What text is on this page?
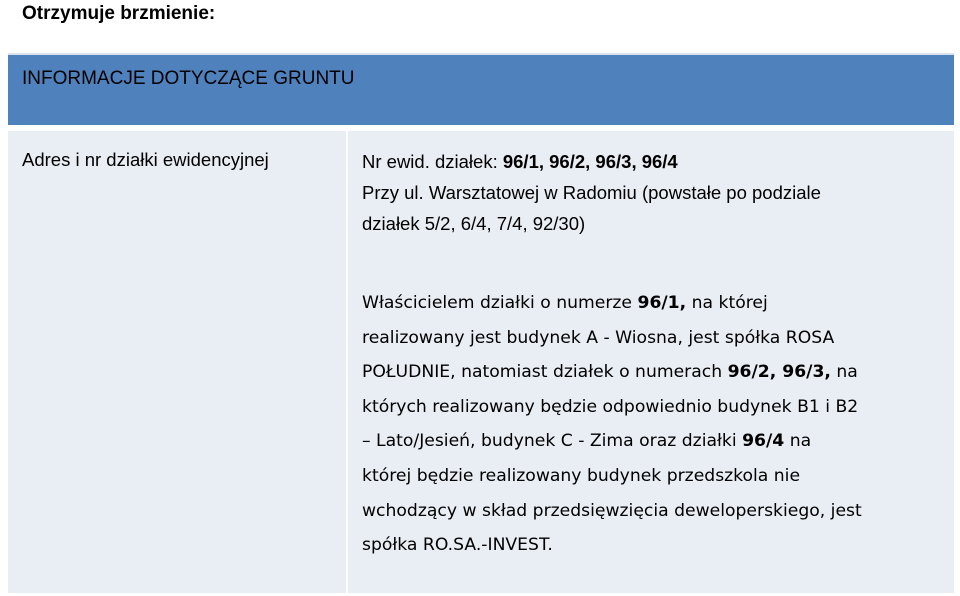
Otrzymuje brzmienie:
INFORMACJE DOTYCZĄCE GRUNTU
Adres i nr działki ewidencyjnej	Nr ewid. działek: 96/1, 96/2, 96/3, 96/4
Przy ul. Warsztatowej w Radomiu (powstałe po podziale
działek 5/2, 6/4, 7/4, 92/30)
Właścicielem działki o numerze 96/1, na której
realizowany jest budynek A - Wiosna, jest spółka ROSA
POŁUDNIE, natomiast działek o numerach 96/2, 96/3, na
których realizowany będzie odpowiednio budynek B1 i B2
– Lato/Jesień, budynek C - Zima oraz działki 96/4 na
której będzie realizowany budynek przedszkola nie
wchodzący w skład przedsięwzięcia deweloperskiego, jest
spółka RO.SA.-INVEST.
